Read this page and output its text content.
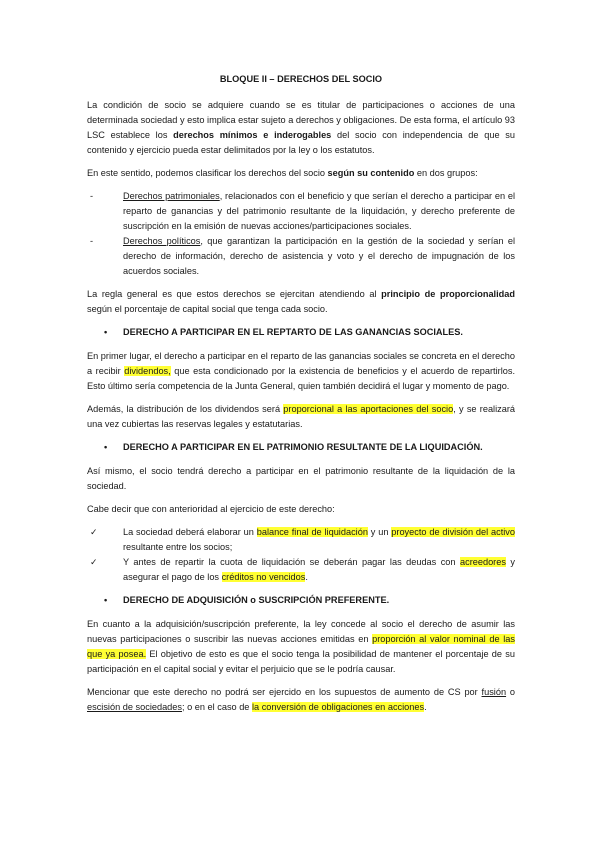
BLOQUE II – DERECHOS DEL SOCIO

La condición de socio se adquiere cuando se es titular de participaciones o acciones de una determinada sociedad y esto implica estar sujeto a derechos y obligaciones. De esta forma, el artículo 93 LSC establece los derechos mínimos e inderogables del socio con independencia de que su contenido y ejercicio pueda estar delimitados por la ley o los estatutos.

En este sentido, podemos clasificar los derechos del socio según su contenido en dos grupos:

-	Derechos patrimoniales, relacionados con el beneficio y que serían el derecho a participar en el reparto de ganancias y del patrimonio resultante de la liquidación, y derecho preferente de suscripción en la emisión de nuevas acciones/participaciones sociales.
-	Derechos políticos, que garantizan la participación en la gestión de la sociedad y serían el derecho de información, derecho de asistencia y voto y el derecho de impugnación de los acuerdos sociales.

La regla general es que estos derechos se ejercitan atendiendo al principio de proporcionalidad según el porcentaje de capital social que tenga cada socio.

• DERECHO A PARTICIPAR EN EL REPTARTO DE LAS GANANCIAS SOCIALES.

En primer lugar, el derecho a participar en el reparto de las ganancias sociales se concreta en el derecho a recibir dividendos, que esta condicionado por la existencia de beneficios y el acuerdo de repartirlos. Esto último sería competencia de la Junta General, quien también decidirá el lugar y momento de pago.

Además, la distribución de los dividendos será proporcional a las aportaciones del socio, y se realizará una vez cubiertas las reservas legales y estatutarias.

• DERECHO A PARTICIPAR EN EL PATRIMONIO RESULTANTE DE LA LIQUIDACIÓN.

Así mismo, el socio tendrá derecho a participar en el patrimonio resultante de la liquidación de la sociedad.

Cabe decir que con anterioridad al ejercicio de este derecho:

✓	La sociedad deberá elaborar un balance final de liquidación y un proyecto de división del activo resultante entre los socios;
✓	Y antes de repartir la cuota de liquidación se deberán pagar las deudas con acreedores y asegurar el pago de los créditos no vencidos.
• DERECHO DE ADQUISICIÓN o SUSCRIPCIÓN PREFERENTE.

En cuanto a la adquisición/suscripción preferente, la ley concede al socio el derecho de asumir las nuevas participaciones o suscribir las nuevas acciones emitidas en proporción al valor nominal de las que ya posea. El objetivo de esto es que el socio tenga la posibilidad de mantener el porcentaje de su participación en el capital social y evitar el perjuicio que se le podría causar.

Mencionar que este derecho no podrá ser ejercido en los supuestos de aumento de CS por fusión o escisión de sociedades; o en el caso de la conversión de obligaciones en acciones.
